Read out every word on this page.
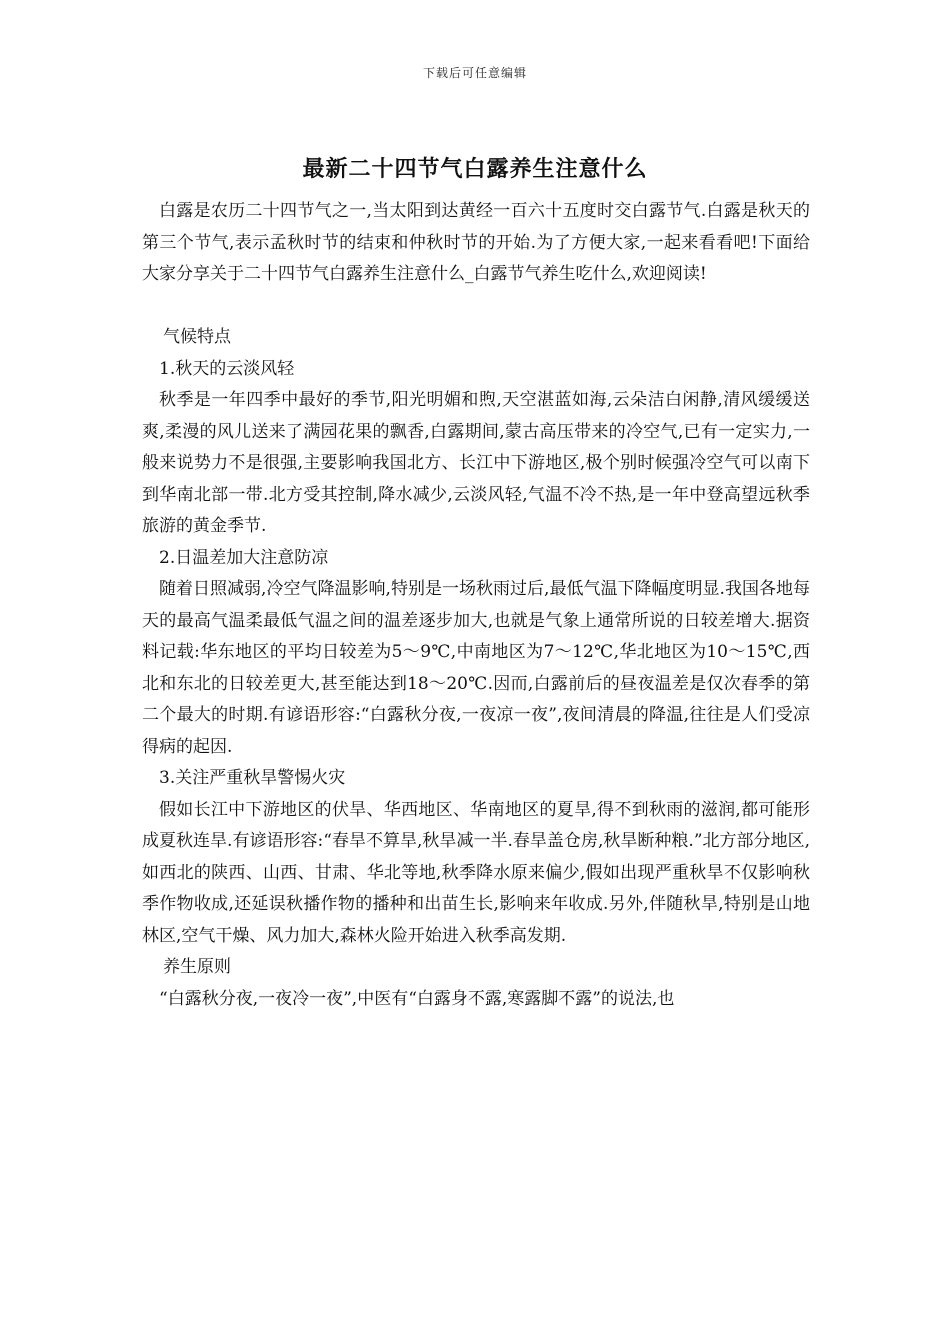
下载后可任意编辑
最新二十四节气白露养生注意什么

白露是农历二十四节气之一,当太阳到达黄经一百六十五度时交白露节气.白露是秋天的第三个节气,表示孟秋时节的结束和仲秋时节的开始.为了方便大家,一起来看看吧!下面给大家分享关于二十四节气白露养生注意什么_白露节气养生吃什么,欢迎阅读!

气候特点

1.秋天的云淡风轻

秋季是一年四季中最好的季节,阳光明媚和煦,天空湛蓝如海,云朵洁白闲静,清风缓缓送爽,柔漫的风儿送来了满园花果的飘香,白露期间,蒙古高压带来的冷空气,已有一定实力,一般来说势力不是很强,主要影响我国北方、长江中下游地区,极个别时候强冷空气可以南下到华南北部一带.北方受其控制,降水减少,云淡风轻,气温不冷不热,是一年中登高望远秋季旅游的黄金季节.

2.日温差加大注意防凉

随着日照减弱,冷空气降温影响,特别是一场秋雨过后,最低气温下降幅度明显.我国各地每天的最高气温柔最低气温之间的温差逐步加大,也就是气象上通常所说的日较差增大.据资料记载:华东地区的平均日较差为5～9℃,中南地区为7～12℃,华北地区为10～15℃,西北和东北的日较差更大,甚至能达到18～20℃.因而,白露前后的昼夜温差是仅次春季的第二个最大的时期.有谚语形容:“白露秋分夜,一夜凉一夜”,夜间清晨的降温,往往是人们受凉得病的起因.

3.关注严重秋旱警惕火灾

假如长江中下游地区的伏旱、华西地区、华南地区的夏旱,得不到秋雨的滋润,都可能形成夏秋连旱.有谚语形容:“春旱不算旱,秋旱减一半.春旱盖仓房,秋旱断种粮.”北方部分地区,如西北的陕西、山西、甘肃、华北等地,秋季降水原来偏少,假如出现严重秋旱不仅影响秋季作物收成,还延误秋播作物的播种和出苗生长,影响来年收成.另外,伴随秋旱,特别是山地林区,空气干燥、风力加大,森林火险开始进入秋季高发期.

养生原则

“白露秋分夜,一夜冷一夜”,中医有“白露身不露,寒露脚不露”的说法,也
